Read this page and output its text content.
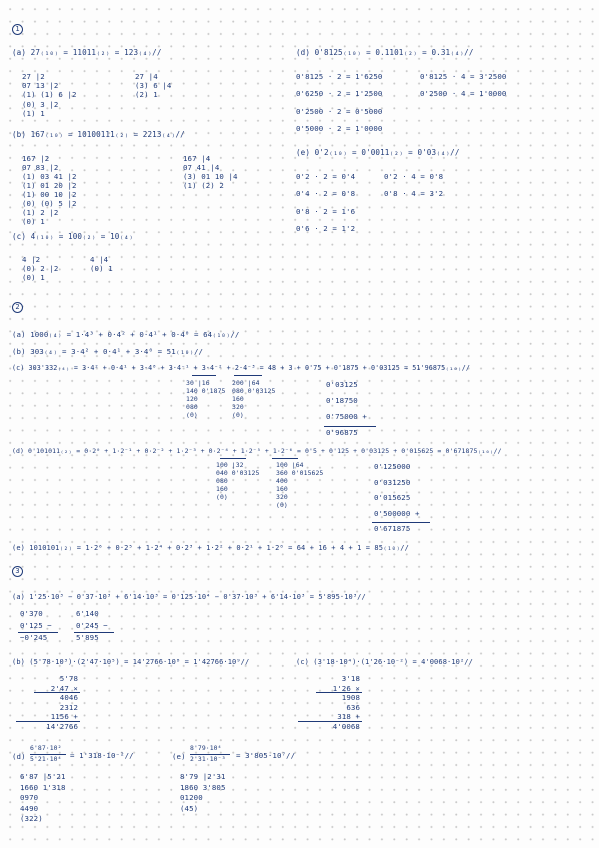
1
(a) 27₍₁₀₎ = 11011₍₂₎ = 123₍₄₎//
27 |2
07 13 |2
(1) (1) 6 |2
(0) 3 |2
(1) 1
27 |4
(3) 6 |4
(2) 1
(b) 167₍₁₀₎ = 10100111₍₂₎ = 2213₍₄₎//
167 |2
07 83 |2
(1) 03 41 |2
(1) 01 20 |2
(1) 00 10 |2
(0) (0) 5 |2
(1) 2 |2
(0) 1
167 |4
07 41 |4
(3) 01 10 |4
(1) (2) 2
(c) 4₍₁₀₎ = 100₍₂₎ = 10₍₄₎
4 |2
(0) 2 |2
(0) 1
4 |4
(0) 1
(d) 0'8125₍₁₀₎ = 0.1101₍₂₎ = 0.31₍₄₎//
0'8125 · 2 = 1'6250
0'6250 · 2 = 1'2500
0'2500 · 2 = 0'5000
0'5000 · 2 = 1'0000
0'8125 · 4 = 3'2500
0'2500 · 4 = 1'0000
(e) 0'2₍₁₀₎ = 0'0011₍₂₎ = 0'03₍₄₎//
0'2 · 2 = 0'4
0'4 · 2 = 0'8
0'8 · 2 = 1'6
0'6 · 2 = 1'2
0'2 · 4 = 0'8
0'8 · 4 = 3'2
2
(a) 1000₍₄₎ = 1·4³ + 0·4² + 0·4¹ + 0·4⁰ = 64₍₁₀₎//
(b) 303₍₄₎ = 3·4² + 0·4¹ + 3·4⁰ = 51₍₁₀₎//
(c) 303'332₍₄₎ = 3·4² + 0·4¹ + 3·4⁰ + 3·4⁻¹ + 3·4⁻² + 2·4⁻³ = 48 + 3 + 0'75 + 0'1875 + 0'03125 = 51'96875₍₁₀₎//
30 |16
140 0'1875
120
080
(0)
200 |64
080 0'03125
160
320
(0)
0'03125
0'18750
0'75000 +
0'96875
(d) 0'101011₍₂₎ = 0·2⁰ + 1·2⁻¹ + 0·2⁻² + 1·2⁻³ + 0·2⁻⁴ + 1·2⁻⁵ + 1·2⁻⁶ = 0'5 + 0'125 + 0'03125 + 0'015625 = 0'671875₍₁₀₎//
100 |32
040 0'03125
080
160
(0)
100 |64
360 0'015625
400
160
320
(0)
0'125000
0'031250
0'015625
0'500000 +
0'671875
(e) 1010101₍₂₎ = 1·2⁶ + 0·2⁵ + 1·2⁴ + 0·2³ + 1·2² + 0·2¹ + 1·2⁰ = 64 + 16 + 4 + 1 = 85₍₁₀₎//
3
(a) 1'25·10³ − 0'37·10³ + 6'14·10³ = 0'125·10⁴ − 0'37·10³ + 6'14·10³ = 5'895·10³//
0'370
0'125 −
−0'245
6'140
0'245 −
5'895
(b) (5'78·10³)·(2'47·10⁵) = 14'2766·10⁸ = 1'42766·10⁹//
5'78
2'47 ×
4046
2312
1156 +
14'2766
(c) (3'18·10⁴)·(1'26·10⁻²) = 4'0068·10²//
3'18
1'26 ×
1908
636
318 +
4'0068
(d)
6'87·10²
5'21·10⁴ = 1'318·10⁻²//
6'87 |5'21
1660 1'318
0970
4490
(322)
(e)
8'79·10⁴
2'31·10⁻³ = 3'805·10⁷//
8'79 |2'31
1860 3'805
01200
(45)
